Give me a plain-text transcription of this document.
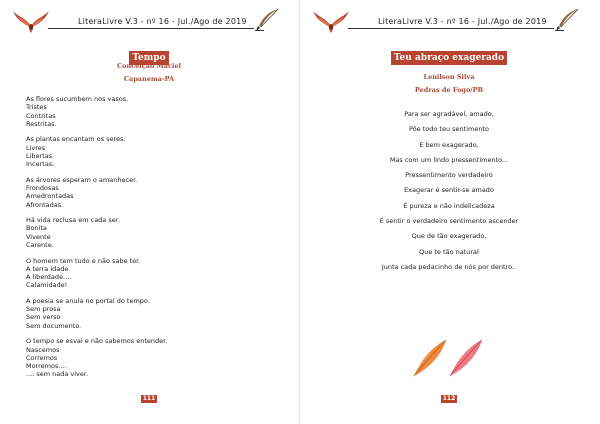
LiteraLivre V.3 - nº 16 - Jul./Ago de 2019
Tempo
Conceição Maciel
Capanema-PA
As flores sucumbem nos vasos.
Tristes
Contritas
Restritas.
As plantas encantam os seres.
Livres
Libertas
Incertas.
As árvores esperam o amanhecer.
Frondosas
Amedrontadas
Afrontadas.
Há vida reclusa em cada ser.
Bonita
Vivente
Carente.
O homem tem tudo e não sabe ter.
A terra idade
A liberdade....
Calamidade!
A poesia se anula no portal do tempo.
Sem prosa
Sem verso
Sem documento.
O tempo se esvai e não sabemos entender.
Nascemos
Corremos
Morremos....
.... sem nada viver.
111
LiteraLivre V.3 - nº 16 - Jul./Ago de 2019
Teu abraço exagerado
Lenilson Silva
Pedras de Fogo/PB
Para ser agradável, amado,
Põe todo teu sentimento
E bem exagerado,
Mas com um lindo pressentimento...
Pressentimento verdadeiro
Exagerar é sentir-se amado
É pureza e não indelicadeza
É sentir o verdadeiro sentimento ascender
Que de tão exagerado,
Que te tão natural
Junta cada pedacinho de nós por dentro..
112
